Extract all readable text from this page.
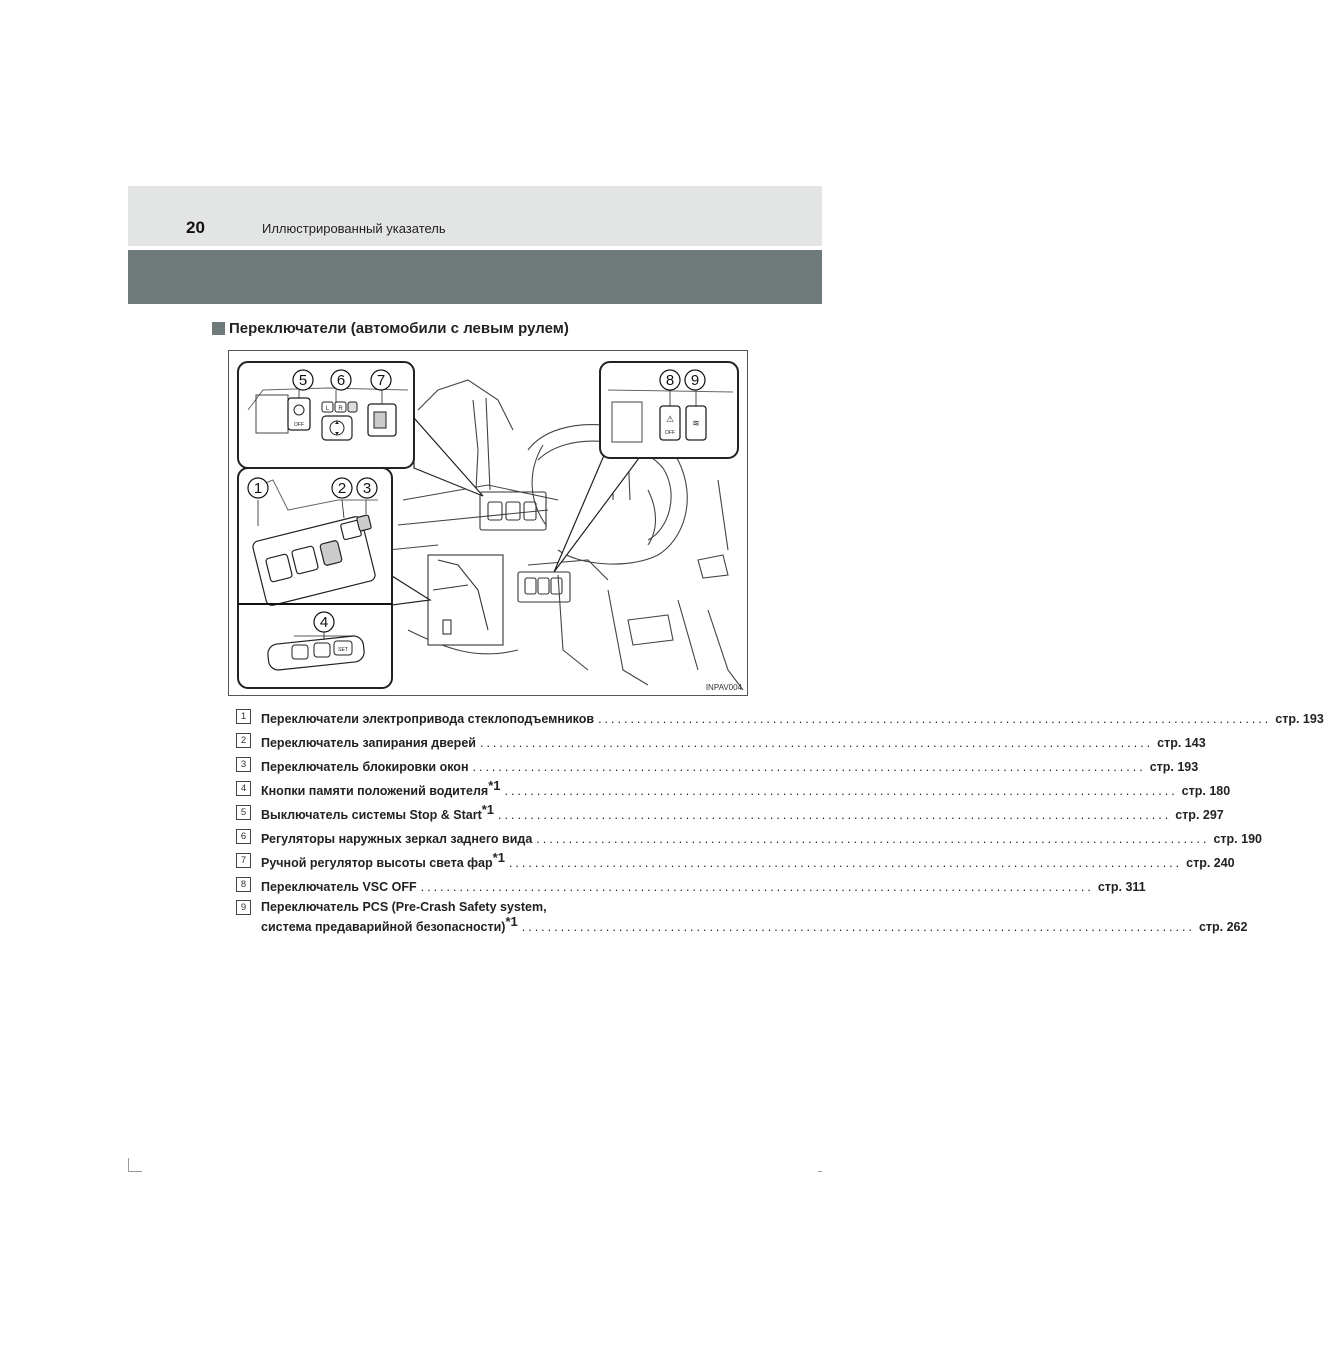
20	Иллюстрированный указатель
Переключатели (автомобили с левым рулем)
OFF
L R
5 6 7
⚠
OFF
≋
8 9
SET
1	2 3
4
INPAV004
1	Переключатели электропривода стеклоподъемников ........................................................................................................ стр. 193
2	Переключатель запирания дверей ........................................................................................................ стр. 143
3	Переключатель блокировки окон ........................................................................................................ стр. 193
4	Кнопки памяти положений водителя*1 ........................................................................................................ стр. 180
5	Выключатель системы Stop & Start*1 ........................................................................................................ стр. 297
6	Регуляторы наружных зеркал заднего вида ........................................................................................................ стр. 190
7	Ручной регулятор высоты света фар*1 ........................................................................................................ стр. 240
8	Переключатель VSC OFF ........................................................................................................ стр. 311
9	Переключатель PCS (Pre-Crash Safety system,
система предаварийной безопасности)*1 ........................................................................................................ стр. 262
